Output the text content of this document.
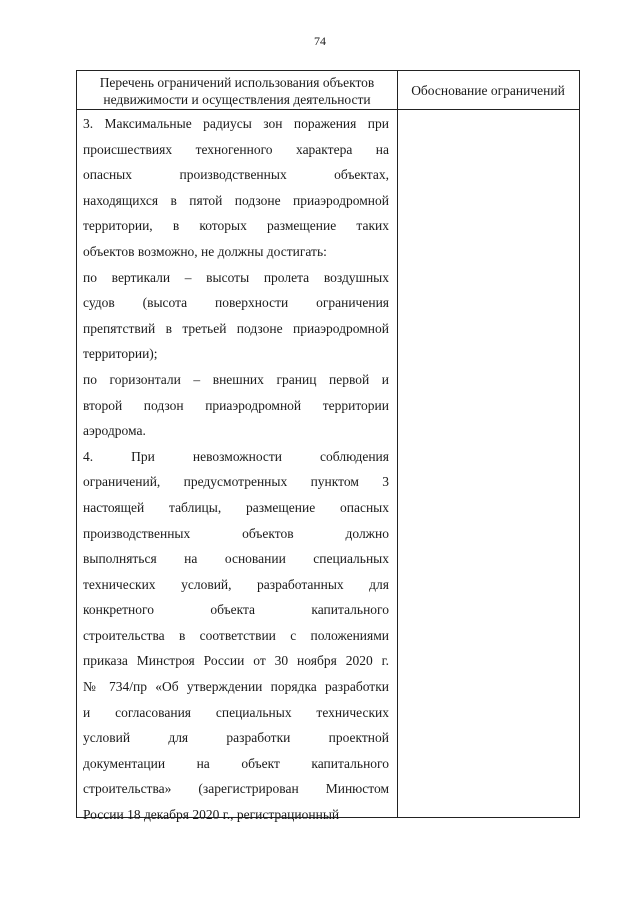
74
Перечень ограничений использования объектов
недвижимости и осуществления деятельности
Обоснование ограничений
3. Максимальные радиусы зон поражения при
происшествиях техногенного характера на
опасных производственных объектах,
находящихся в пятой подзоне приаэродромной
территории, в которых размещение таких
объектов возможно, не должны достигать:
по вертикали – высоты пролета воздушных
судов (высота поверхности ограничения
препятствий в третьей подзоне приаэродромной
территории);
по горизонтали – внешних границ первой и
второй подзон приаэродромной территории
аэродрома.
4. При невозможности соблюдения
ограничений, предусмотренных пунктом 3
настоящей таблицы, размещение опасных
производственных объектов должно
выполняться на основании специальных
технических условий, разработанных для
конкретного объекта капитального
строительства в соответствии с положениями
приказа Минстроя России от 30 ноября 2020 г.
№ 734/пр «Об утверждении порядка разработки
и согласования специальных технических
условий для разработки проектной
документации на объект капитального
строительства» (зарегистрирован Минюстом
России 18 декабря 2020 г., регистрационный
